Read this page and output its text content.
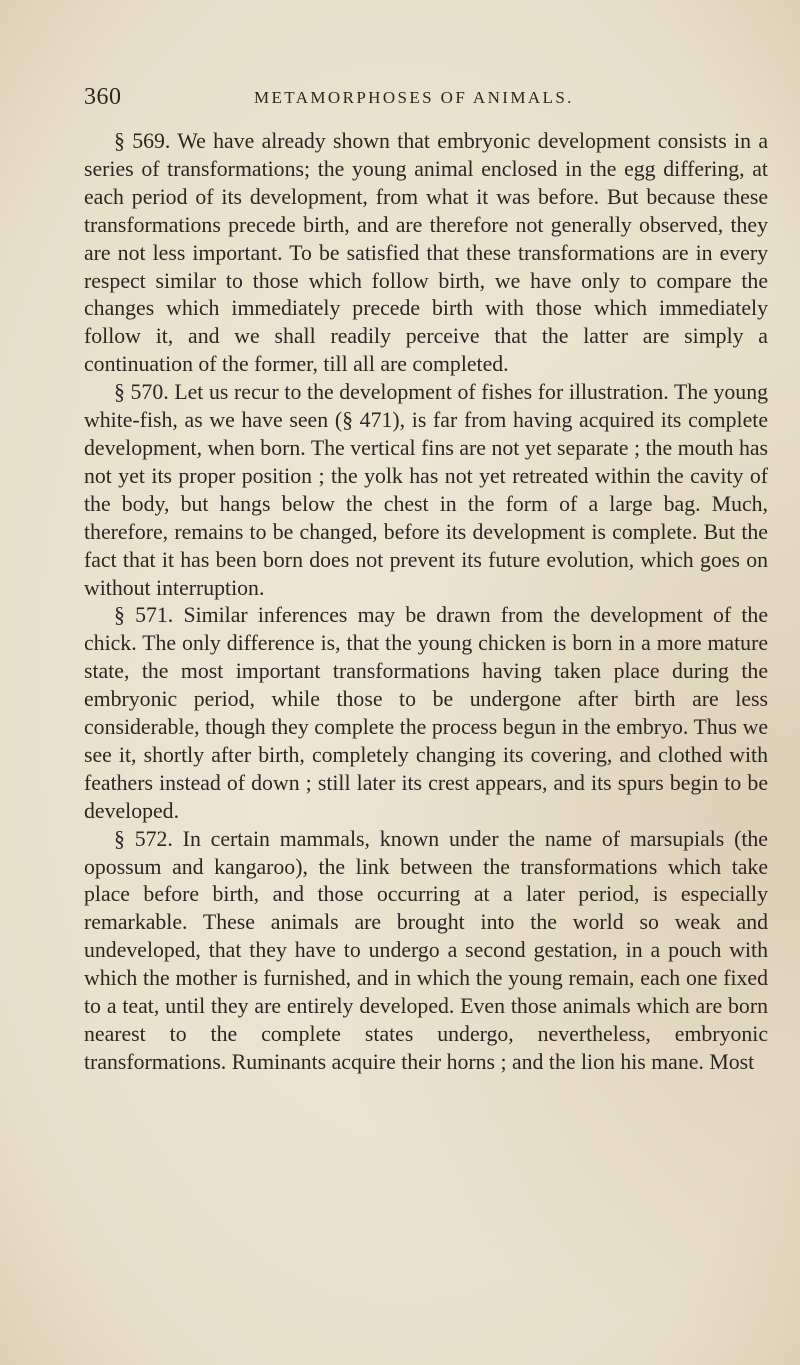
360	METAMORPHOSES OF ANIMALS.

§ 569. We have already shown that embryonic development consists in a series of transformations; the young animal enclosed in the egg differing, at each period of its development, from what it was before. But because these transformations precede birth, and are therefore not generally observed, they are not less important. To be satisfied that these transformations are in every respect similar to those which follow birth, we have only to compare the changes which immediately precede birth with those which immediately follow it, and we shall readily perceive that the latter are simply a continuation of the former, till all are completed.

§ 570. Let us recur to the development of fishes for illustration. The young white-fish, as we have seen (§ 471), is far from having acquired its complete development, when born. The vertical fins are not yet separate ; the mouth has not yet its proper position ; the yolk has not yet retreated within the cavity of the body, but hangs below the chest in the form of a large bag. Much, therefore, remains to be changed, before its development is complete. But the fact that it has been born does not prevent its future evolution, which goes on without interruption.

§ 571. Similar inferences may be drawn from the development of the chick. The only difference is, that the young chicken is born in a more mature state, the most important transformations having taken place during the embryonic period, while those to be undergone after birth are less considerable, though they complete the process begun in the embryo. Thus we see it, shortly after birth, completely changing its covering, and clothed with feathers instead of down ; still later its crest appears, and its spurs begin to be developed.

§ 572. In certain mammals, known under the name of marsupials (the opossum and kangaroo), the link between the transformations which take place before birth, and those occurring at a later period, is especially remarkable. These animals are brought into the world so weak and undeveloped, that they have to undergo a second gestation, in a pouch with which the mother is furnished, and in which the young remain, each one fixed to a teat, until they are entirely developed. Even those animals which are born nearest to the complete states undergo, nevertheless, embryonic transformations. Ruminants acquire their horns ; and the lion his mane. Most
